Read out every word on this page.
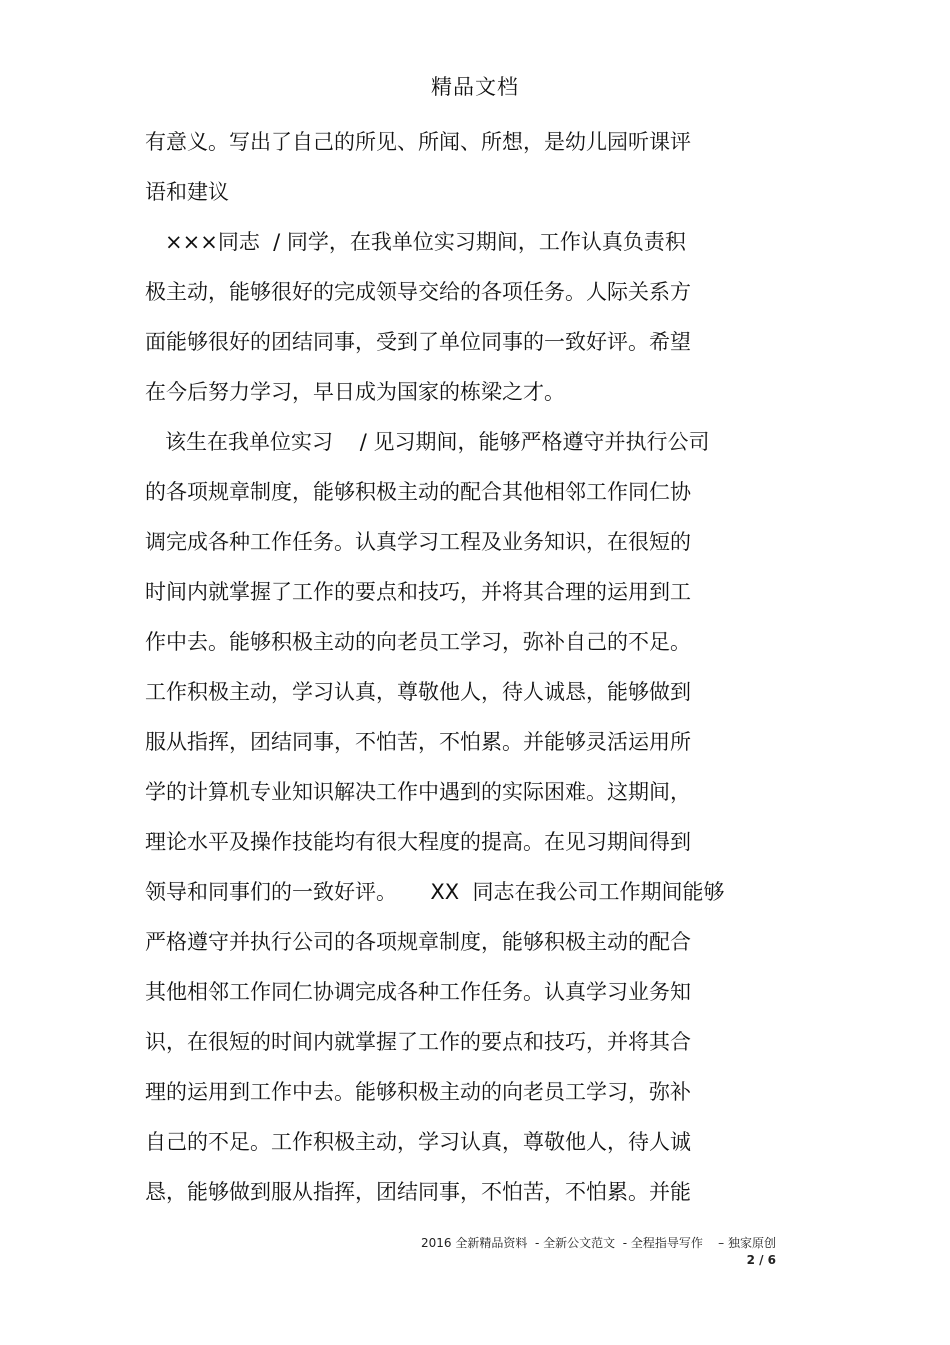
精品文档
有意义。写出了自己的所见、所闻、所想，是幼儿园听课评
语和建议
×××同志  / 同学，在我单位实习期间，工作认真负责积
极主动，能够很好的完成领导交给的各项任务。人际关系方
面能够很好的团结同事，受到了单位同事的一致好评。希望
在今后努力学习，早日成为国家的栋梁之才。
该生在我单位实习    / 见习期间，能够严格遵守并执行公司
的各项规章制度，能够积极主动的配合其他相邻工作同仁协
调完成各种工作任务。认真学习工程及业务知识，在很短的
时间内就掌握了工作的要点和技巧，并将其合理的运用到工
作中去。能够积极主动的向老员工学习，弥补自己的不足。
工作积极主动，学习认真，尊敬他人，待人诚恳，能够做到
服从指挥，团结同事，不怕苦，不怕累。并能够灵活运用所
学的计算机专业知识解决工作中遇到的实际困难。这期间，
理论水平及操作技能均有很大程度的提高。在见习期间得到
领导和同事们的一致好评。     XX  同志在我公司工作期间能够
严格遵守并执行公司的各项规章制度，能够积极主动的配合
其他相邻工作同仁协调完成各种工作任务。认真学习业务知
识，在很短的时间内就掌握了工作的要点和技巧，并将其合
理的运用到工作中去。能够积极主动的向老员工学习，弥补
自己的不足。工作积极主动，学习认真，尊敬他人，待人诚
恳，能够做到服从指挥，团结同事，不怕苦，不怕累。并能
2016 全新精品资料  - 全新公文范文  - 全程指导写作    – 独家原创
2 / 6
